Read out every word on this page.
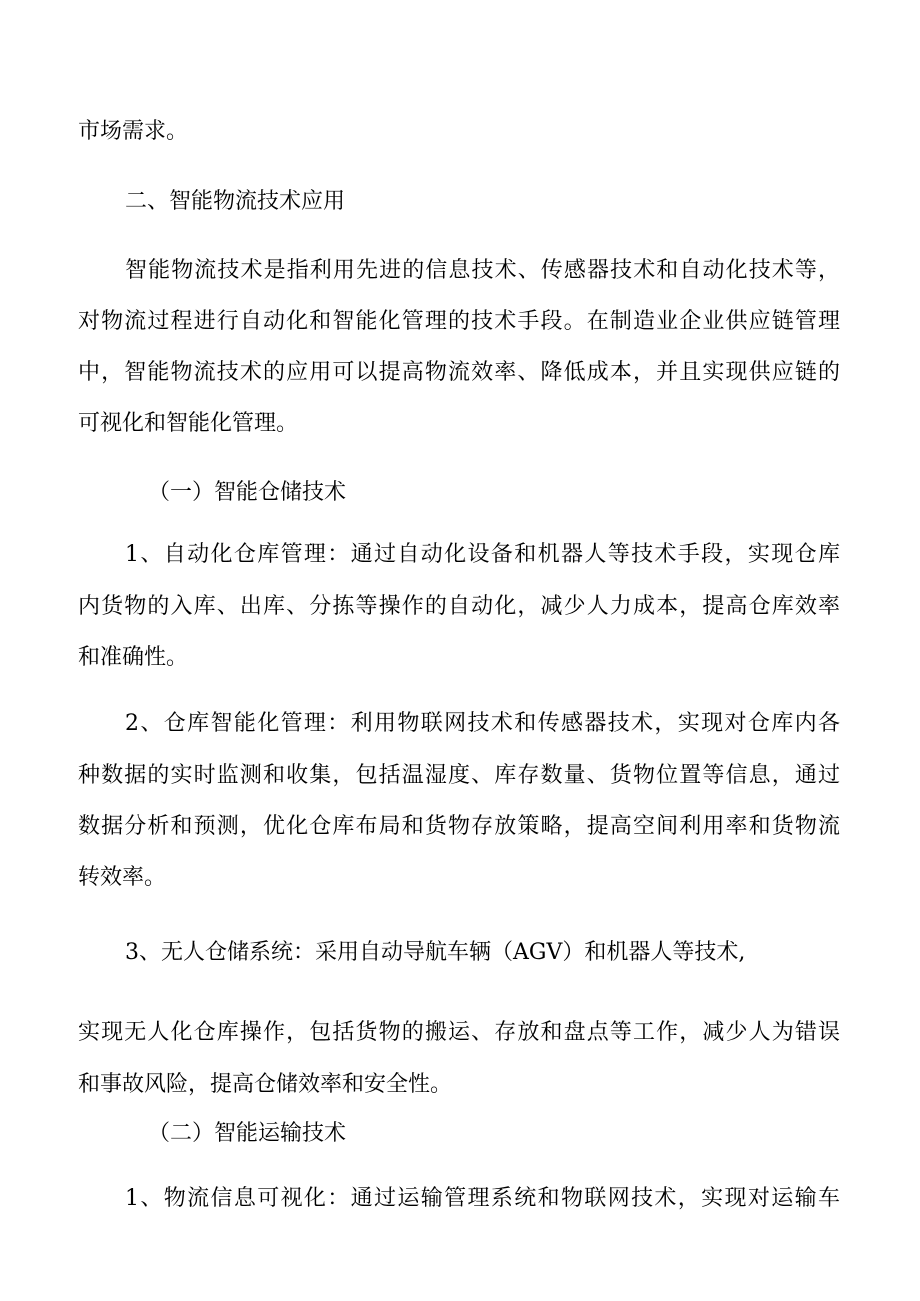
市场需求。
二、智能物流技术应用
智能物流技术是指利用先进的信息技术、传感器技术和自动化技术等，
对物流过程进行自动化和智能化管理的技术手段。在制造业企业供应链管理
中，智能物流技术的应用可以提高物流效率、降低成本，并且实现供应链的
可视化和智能化管理。
（一）智能仓储技术
1、自动化仓库管理：通过自动化设备和机器人等技术手段，实现仓库
内货物的入库、出库、分拣等操作的自动化，减少人力成本，提高仓库效率
和准确性。
2、仓库智能化管理：利用物联网技术和传感器技术，实现对仓库内各
种数据的实时监测和收集，包括温湿度、库存数量、货物位置等信息，通过
数据分析和预测，优化仓库布局和货物存放策略，提高空间利用率和货物流
转效率。
3、无人仓储系统：采用自动导航车辆（AGV）和机器人等技术,
实现无人化仓库操作，包括货物的搬运、存放和盘点等工作，减少人为错误
和事故风险，提高仓储效率和安全性。
（二）智能运输技术
1、物流信息可视化：通过运输管理系统和物联网技术，实现对运输车
